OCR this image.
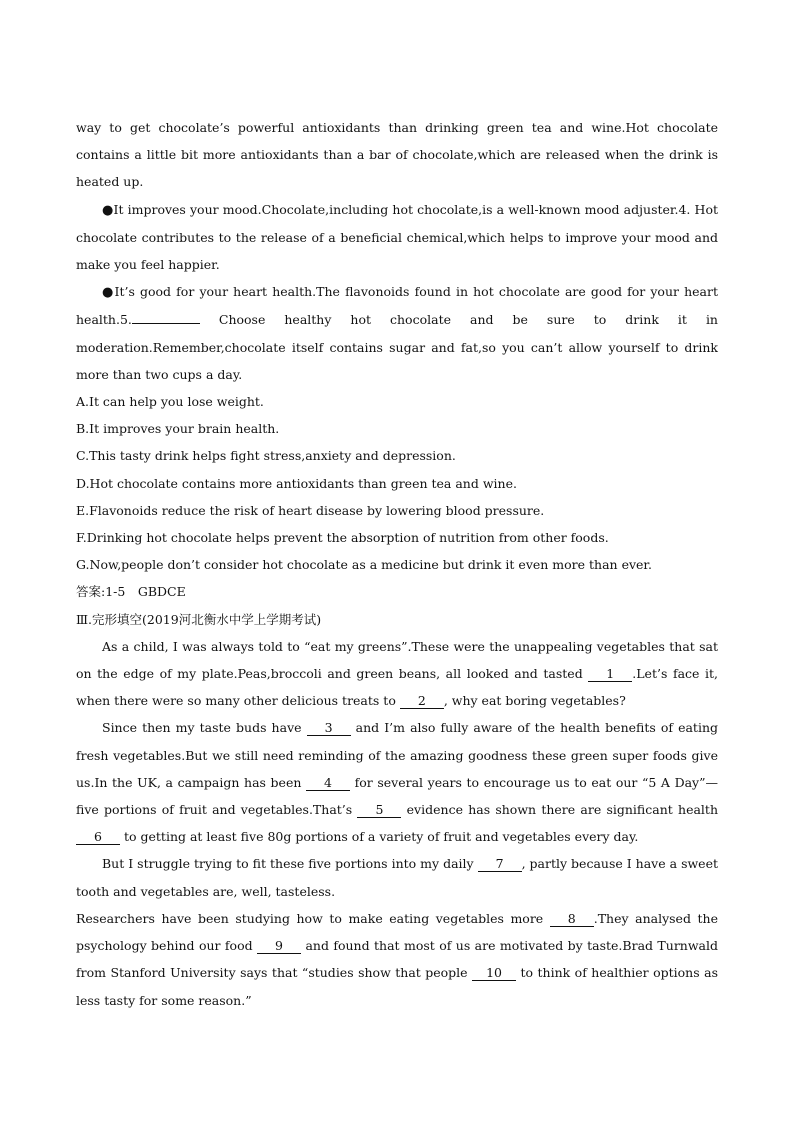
way to get chocolate’s powerful antioxidants than drinking green tea and wine.Hot chocolate contains a little bit more antioxidants than a bar of chocolate,which are released when the drink is heated up.

●It improves your mood.Chocolate,including hot chocolate,is a well-known mood adjuster.4. Hot chocolate contributes to the release of a beneficial chemical,which helps to improve your mood and make you feel happier.

●It’s good for your heart health.The flavonoids found in hot chocolate are good for your heart health.5.	Choose healthy hot chocolate and be sure to drink it in moderation.Remember,chocolate itself contains sugar and fat,so you can’t allow yourself to drink more than two cups a day.

A.It can help you lose weight.

B.It improves your brain health.

C.This tasty drink helps fight stress,anxiety and depression.

D.Hot chocolate contains more antioxidants than green tea and wine.

E.Flavonoids reduce the risk of heart disease by lowering blood pressure.

F.Drinking hot chocolate helps prevent the absorption of nutrition from other foods.

G.Now,people don’t consider hot chocolate as a medicine but drink it even more than ever.

答案:1-5　GBDCE

Ⅲ.完形填空(2019河北衡水中学上学期考试)

As a child, I was always told to “eat my greens”.These were the unappealing vegetables that sat on the edge of my plate.Peas,broccoli and green beans, all looked and tasted 1 .Let’s face it, when there were so many other delicious treats to 2 , why eat boring vegetables?

Since then my taste buds have 3 and I’m also fully aware of the health benefits of eating fresh vegetables.But we still need reminding of the amazing goodness these green super foods give us.In the UK, a campaign has been 4 for several years to encourage us to eat our “5 A Day”—five portions of fruit and vegetables.That’s 5 evidence has shown there are significant health 6 to getting at least five 80g portions of a variety of fruit and vegetables every day.

But I struggle trying to fit these five portions into my daily 7 , partly because I have a sweet tooth and vegetables are, well, tasteless.

Researchers have been studying how to make eating vegetables more 8 .They analysed the psychology behind our food 9 and found that most of us are motivated by taste.Brad Turnwald from Stanford University says that “studies show that people 10 to think of healthier options as less tasty for some reason.”
